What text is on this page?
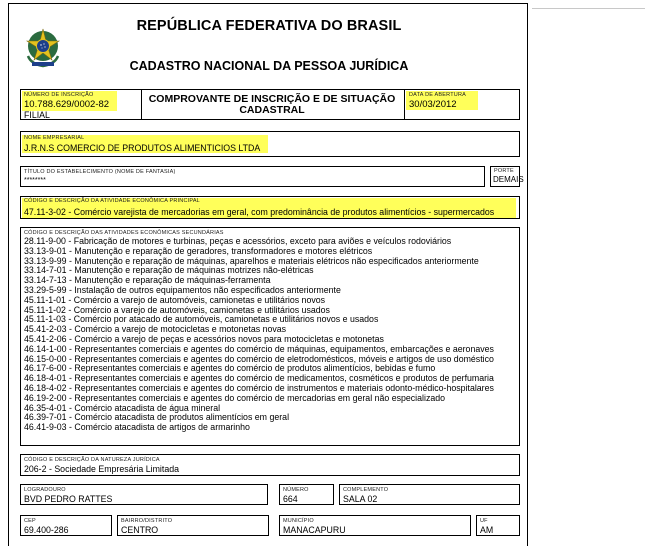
REPÚBLICA FEDERATIVA DO BRASIL
CADASTRO NACIONAL DA PESSOA JURÍDICA
NÚMERO DE INSCRIÇÃO
10.788.629/0002-82
FILIAL
COMPROVANTE DE INSCRIÇÃO E DE SITUAÇÃO
CADASTRAL
DATA DE ABERTURA
30/03/2012
NOME EMPRESARIAL
J.R.N.S COMERCIO DE PRODUTOS ALIMENTICIOS LTDA
TÍTULO DO ESTABELECIMENTO (NOME DE FANTASIA)
********
PORTE
DEMAIS
CÓDIGO E DESCRIÇÃO DA ATIVIDADE ECONÔMICA PRINCIPAL
47.11-3-02 - Comércio varejista de mercadorias em geral, com predominância de produtos alimentícios - supermercados
CÓDIGO E DESCRIÇÃO DAS ATIVIDADES ECONÔMICAS SECUNDÁRIAS
28.11-9-00 - Fabricação de motores e turbinas, peças e acessórios, exceto para aviões e veículos rodoviários
33.13-9-01 - Manutenção e reparação de geradores, transformadores e motores elétricos
33.13-9-99 - Manutenção e reparação de máquinas, aparelhos e materiais elétricos não especificados anteriormente
33.14-7-01 - Manutenção e reparação de máquinas motrizes não-elétricas
33.14-7-13 - Manutenção e reparação de máquinas-ferramenta
33.29-5-99 - Instalação de outros equipamentos não especificados anteriormente
45.11-1-01 - Comércio a varejo de automóveis, camionetas e utilitários novos
45.11-1-02 - Comércio a varejo de automóveis, camionetas e utilitários usados
45.11-1-03 - Comércio por atacado de automóveis, camionetas e utilitários novos e usados
45.41-2-03 - Comércio a varejo de motocicletas e motonetas novas
45.41-2-06 - Comércio a varejo de peças e acessórios novos para motocicletas e motonetas
46.14-1-00 - Representantes comerciais e agentes do comércio de máquinas, equipamentos, embarcações e aeronaves
46.15-0-00 - Representantes comerciais e agentes do comércio de eletrodomésticos, móveis e artigos de uso doméstico
46.17-6-00 - Representantes comerciais e agentes do comércio de produtos alimentícios, bebidas e fumo
46.18-4-01 - Representantes comerciais e agentes do comércio de medicamentos, cosméticos e produtos de perfumaria
46.18-4-02 - Representantes comerciais e agentes do comércio de instrumentos e materiais odonto-médico-hospitalares
46.19-2-00 - Representantes comerciais e agentes do comércio de mercadorias em geral não especializado
46.35-4-01 - Comércio atacadista de água mineral
46.39-7-01 - Comércio atacadista de produtos alimentícios em geral
46.41-9-03 - Comércio atacadista de artigos de armarinho
CÓDIGO E DESCRIÇÃO DA NATUREZA JURÍDICA
206-2 - Sociedade Empresária Limitada
LOGRADOURO
BVD PEDRO RATTES
NÚMERO
664
COMPLEMENTO
SALA 02
CEP
69.400-286
BAIRRO/DISTRITO
CENTRO
MUNICÍPIO
MANACAPURU
UF
AM
